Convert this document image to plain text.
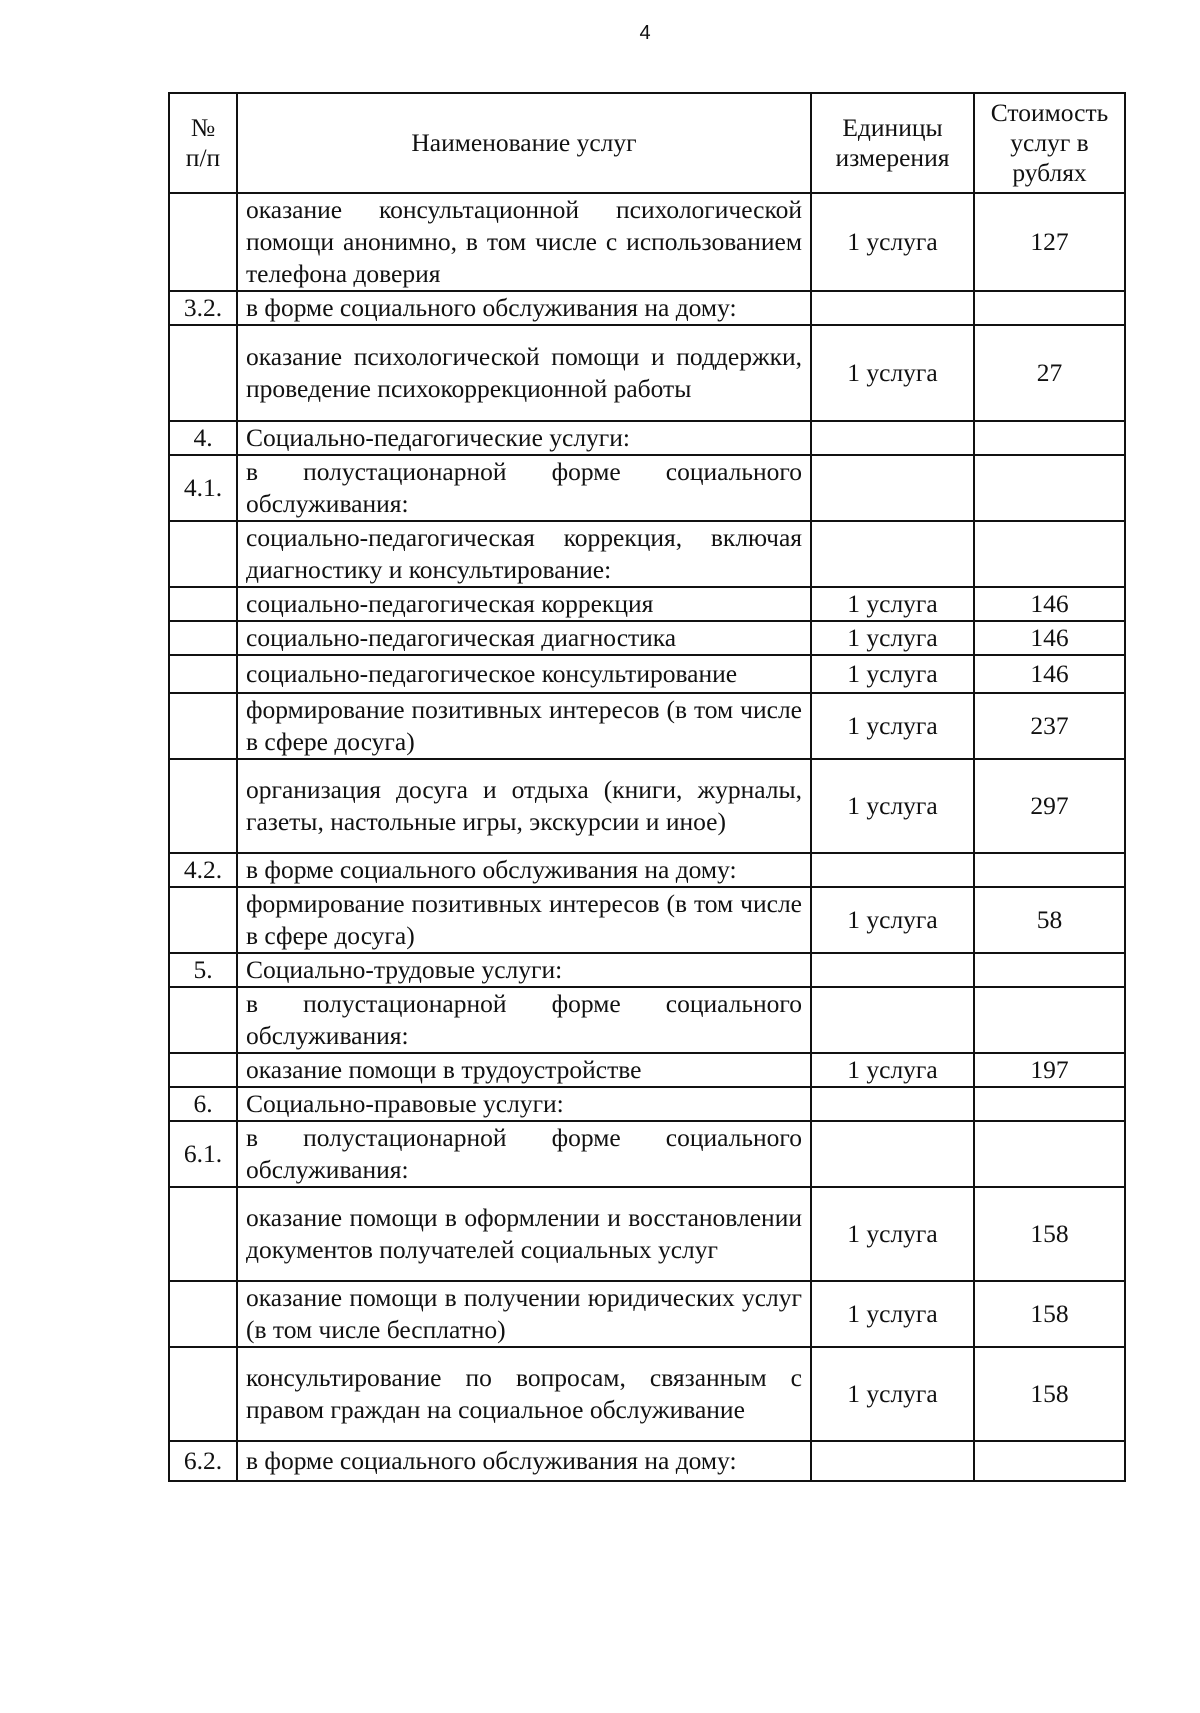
4
№ п/п	Наименование услуг	Единицы измерения	Стоимость услуг в рублях
	оказание консультационной психологической помощи анонимно, в том числе с использованием телефона доверия	1 услуга	127
3.2.	в форме социального обслуживания на дому:		
	оказание психологической помощи и поддержки, проведение психокоррекционной работы	1 услуга	27
4.	Социально-педагогические услуги:		
4.1.	в полустационарной форме социального обслуживания:		
	социально-педагогическая коррекция, включая диагностику и консультирование:		
	социально-педагогическая коррекция	1 услуга	146
	социально-педагогическая диагностика	1 услуга	146
	социально-педагогическое консультирование	1 услуга	146
	формирование позитивных интересов (в том числе в сфере досуга)	1 услуга	237
	организация досуга и отдыха (книги, журналы, газеты, настольные игры, экскурсии и иное)	1 услуга	297
4.2.	в форме социального обслуживания на дому:		
	формирование позитивных интересов (в том числе в сфере досуга)	1 услуга	58
5.	Социально-трудовые услуги:		
	в полустационарной форме социального обслуживания:		
	оказание помощи в трудоустройстве	1 услуга	197
6.	Социально-правовые услуги:		
6.1.	в полустационарной форме социального обслуживания:		
	оказание помощи в оформлении и восстановлении документов получателей социальных услуг	1 услуга	158
	оказание помощи в получении юридических услуг (в том числе бесплатно)	1 услуга	158
	консультирование по вопросам, связанным с правом граждан на социальное обслуживание	1 услуга	158
6.2.	в форме социального обслуживания на дому:		
